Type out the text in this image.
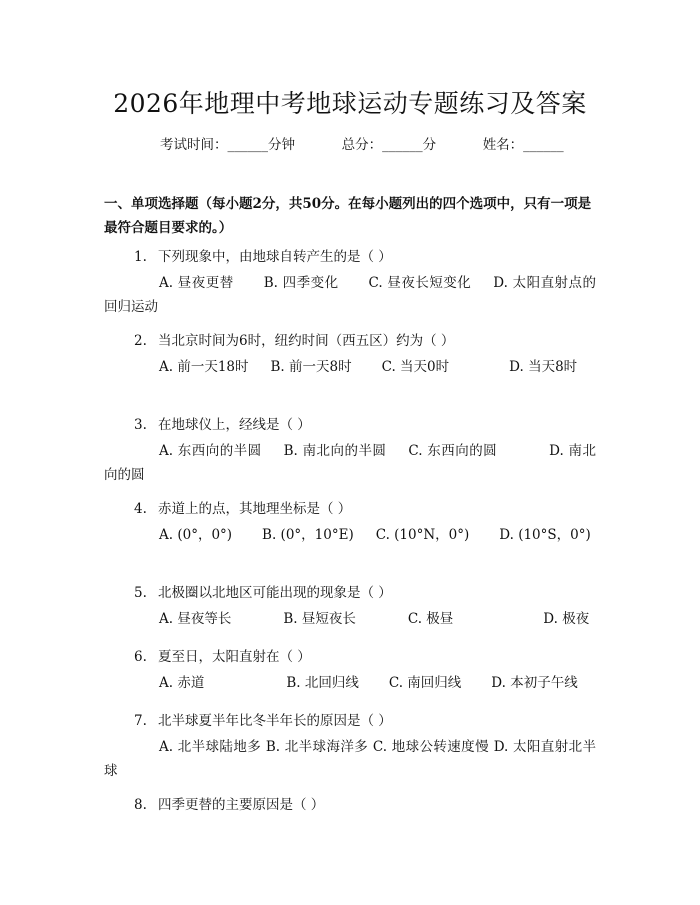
2026年地理中考地球运动专题练习及答案
考试时间：______分钟	总分：______分	姓名：______
一、单项选择题（每小题2分，共50分。在每小题列出的四个选项中，只有一项是最符合题目要求的。）
1. 下列现象中，由地球自转产生的是（ ）
A. 昼夜更替 B. 四季变化 C. 昼夜长短变化 D. 太阳直射点的回归运动
2. 当北京时间为6时，纽约时间（西五区）约为（ ）
A. 前一天18时 B. 前一天8时 C. 当天0时	D. 当天8时
3. 在地球仪上，经线是（ ）
A. 东西向的半圆 B. 南北向的半圆 C. 东西向的圆	D. 南北向的圆
4. 赤道上的点，其地理坐标是（ ）
A. (0°，0°) B. (0°，10°E) C. (10°N，0°) D. (10°S，0°)
5. 北极圈以北地区可能出现的现象是（ ）
A. 昼夜等长	B. 昼短夜长	C. 极昼	D. 极夜
6. 夏至日，太阳直射在（ ）
A. 赤道	B. 北回归线 C. 南回归线 D. 本初子午线
7. 北半球夏半年比冬半年长的原因是（ ）
A. 北半球陆地多 B. 北半球海洋多 C. 地球公转速度慢 D. 太阳直射北半球
8. 四季更替的主要原因是（ ）
